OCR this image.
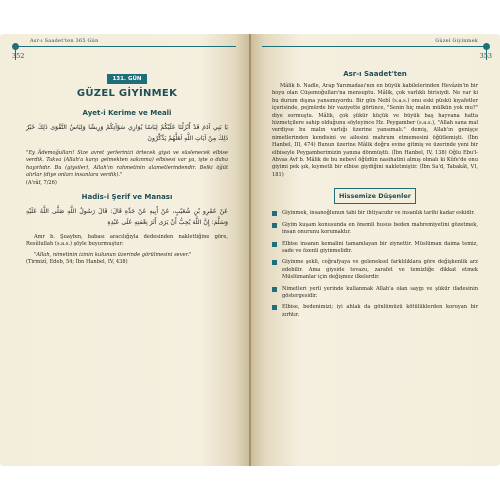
Asr-ı Saadet'ten 365 Gün
352
131. GÜN
GÜZEL GİYİNMEK
Ayet-i Kerime ve Meali

يَا بَنِي آدَمَ قَدْ أَنْزَلْنَا عَلَيْكُمْ لِبَاسًا يُوَارِي سَوْآتِكُمْ وَرِيشًا وَلِبَاسُ التَّقْوَى ذَلِكَ خَيْرٌ ذَلِكَ مِنْ آيَاتِ اللَّهِ لَعَلَّهُمْ يَذَّكَّرُونَ

"Ey Âdemoğulları! Size avret yerlerinizi örtecek giysi ve süslenecek elbise verdik. Takva (Allah'a karşı gelmekten sakınma) elbisesi var ya, işte o daha hayırlıdır. Bu (giysiler), Allah'ın rahmetinin alametlerindendir. Belki öğüt alırlar (diye onları insanlara verdik)."

(A'râf, 7/26)

Hadis-i Şerif ve Manası

عَنْ عَمْرِو بْنِ شُعَيْبٍ، عَنْ أَبِيهِ عَنْ جَدِّهِ قَالَ: قَالَ رَسُولُ اللَّهِ صَلَّى اللَّهُ عَلَيْهِ وَسَلَّمَ: إِنَّ اللَّهَ يُحِبُّ أَنْ يَرَى أَثَرَ نِعْمَتِهِ عَلَى عَبْدِهِ

Amr b. Şuaybın, babası aracılığıyla dedesinden naklettiğine göre, Resûlullah (s.a.s.) şöyle buyurmuştur:

"Allah, nimetinin izinin kulunun üzerinde görülmesini sever."

(Tirmizî, Edeb, 54; İbn Hanbel, IV, 438)

Güzel Giyinmek
353
Asr-ı Saadet'ten

Mâlik b. Nadle, Arap Yarımadası'nın en büyük kabilelerinden Hevâzin'in bir boyu olan Cüşemoğulları'na mensuptu. Mâlik, çok varlıklı birisiydi. Ne var ki bu durum dışına yansımıyordu. Bir gün Nebî (s.a.s.) onu eski püskü kıyafetler içerisinde, pejmürde bir vaziyette görünce, "Senin hiç malın mülkün yok mu?" diye sormuştu. Mâlik, çok şükür küçük ve büyük baş hayvana hatta hizmetçilere sahip olduğunu söyleyince Hz. Peygamber (s.a.s.), "Allah sana mal verdiyse bu malın varlığı üzerine yansımalı." demiş, Allah'ın genişçe nimetlerinden kendisini ve ailesini mahrum etmemesini öğütlemişti. (İbn Hanbel, III, 474) Bunun üzerine Mâlik doğru evine gitmiş ve üzerinde yeni bir elbiseyle Peygamberimizin yanına dönmüştü. (İbn Hanbel, IV, 138) Oğlu Ebu'l-Ahvas Avf b. Mâlik de bu nebevî öğüdün nasihatini almış olmalı ki Kûfe'de onu giyimi pek şık, kıymetli bir elbise giydiğini nakletmiştir. (İbn Sa'd, Tabakât, VI, 181)

Hissemize Düşenler
Giyinmek, insanoğlunun tabi bir ihtiyacıdır ve insanlık tarihi kadar eskidir.
Giyim kuşam konusunda en önemli husus beden mahremiyetini gözetmek, insan onurunu korumaktır.
Elbise insanın kemalini tamamlayan bir ziynettir. Müslüman daima temiz, sade ve özenli giyinmelidir.
Giyinme şekli, coğrafyaya ve geleneksel farklılıklara göre değişkenlik arz edebilir. Ama giyside tevazu, zarafet ve temizliğe dikkat etmek Müslümanlar için değişmez ilkelerdir.
Nimetleri yerli yerinde kullanmak Allah'a olan saygı ve şükür ifadesinin göstergesidir.
Elbise, bedenimizi; iyi ahlak da gönlümüzü kötülüklerden koruyan bir zırhtır.
